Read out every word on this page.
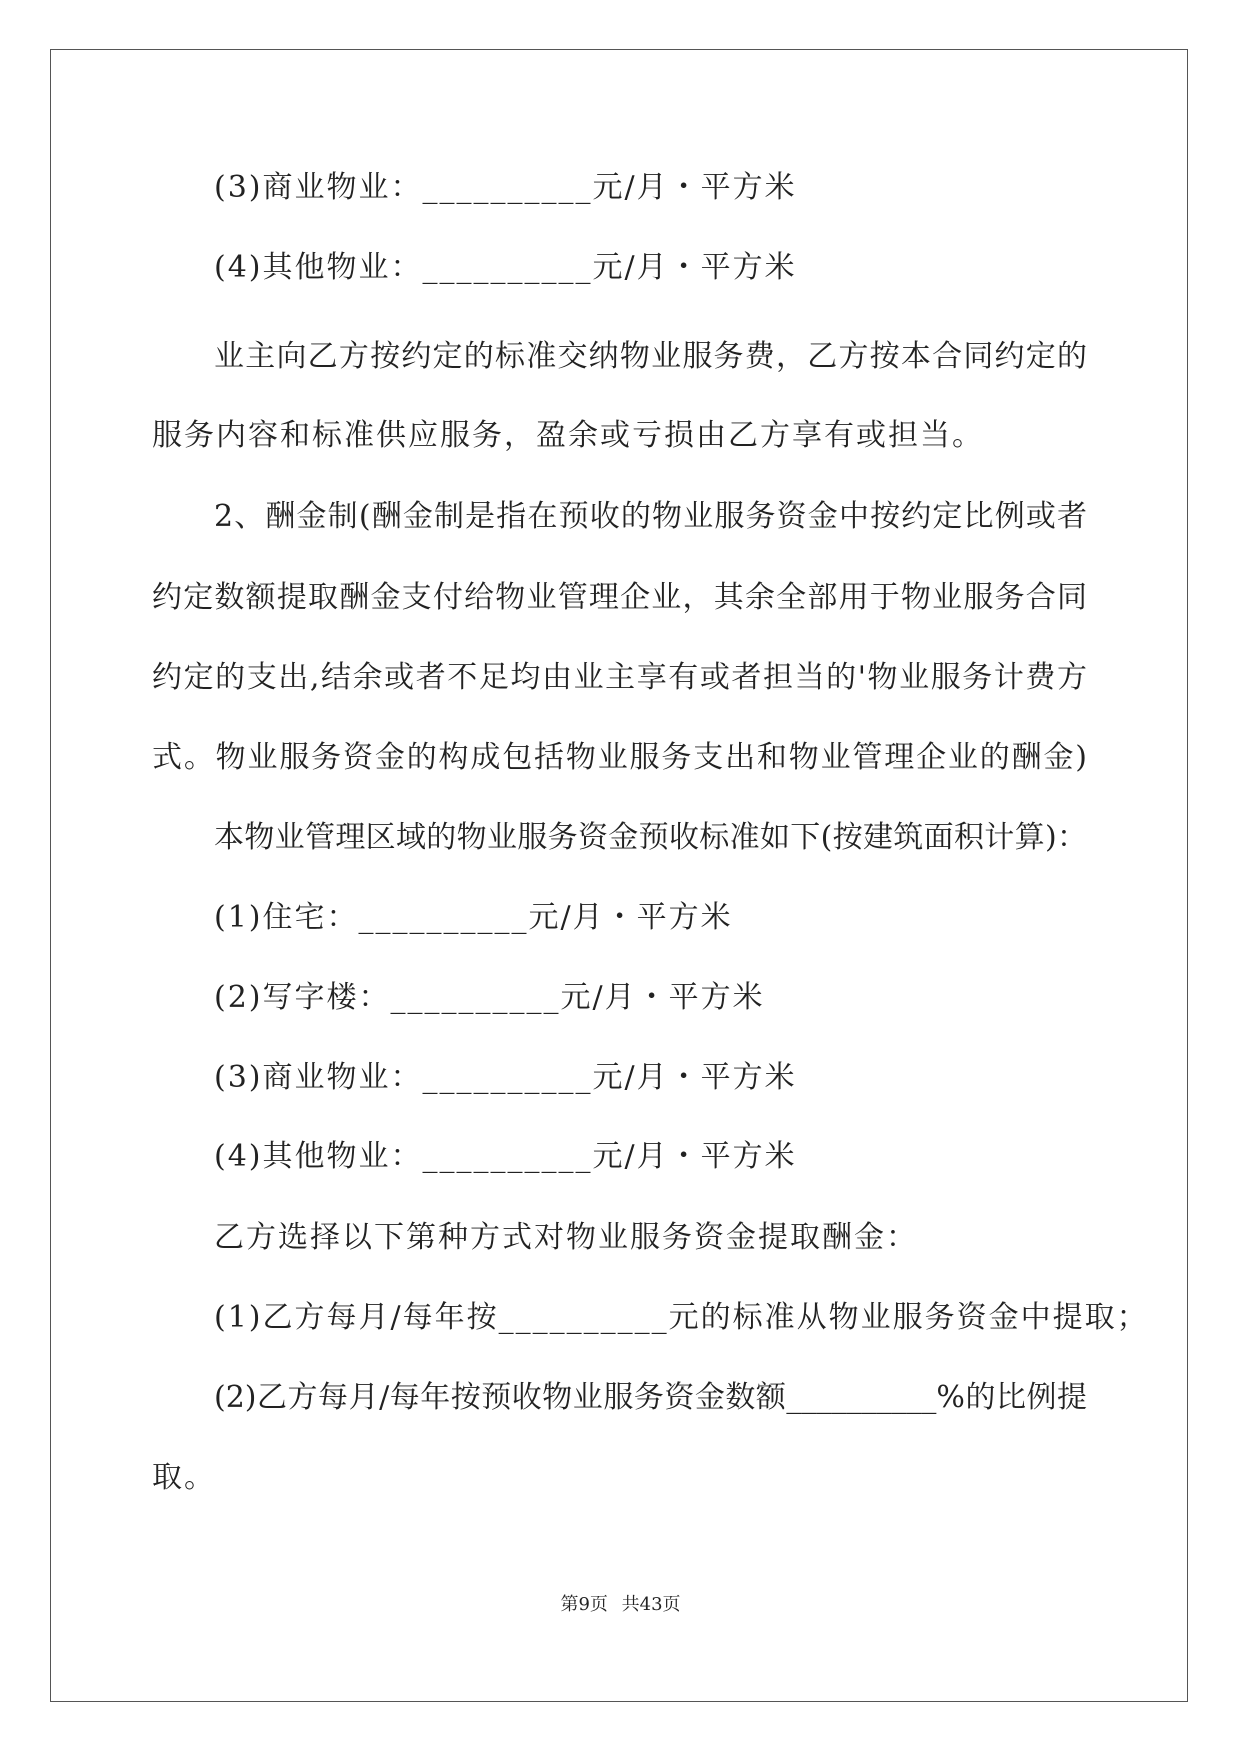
(3)商业物业：__________元/月・平方米

(4)其他物业：__________元/月・平方米

业主向乙方按约定的标准交纳物业服务费，乙方按本合同约定的

服务内容和标准供应服务，盈余或亏损由乙方享有或担当。

2、酬金制(酬金制是指在预收的物业服务资金中按约定比例或者

约定数额提取酬金支付给物业管理企业，其余全部用于物业服务合同

约定的支出,结余或者不足均由业主享有或者担当的'物业服务计费方

式。物业服务资金的构成包括物业服务支出和物业管理企业的酬金)

本物业管理区域的物业服务资金预收标准如下(按建筑面积计算)：

(1)住宅：__________元/月・平方米

(2)写字楼：__________元/月・平方米

(3)商业物业：__________元/月・平方米

(4)其他物业：__________元/月・平方米

乙方选择以下第种方式对物业服务资金提取酬金：

(1)乙方每月/每年按__________元的标准从物业服务资金中提取；

(2)乙方每月/每年按预收物业服务资金数额__________%的比例提

取。

第9页 共43页
